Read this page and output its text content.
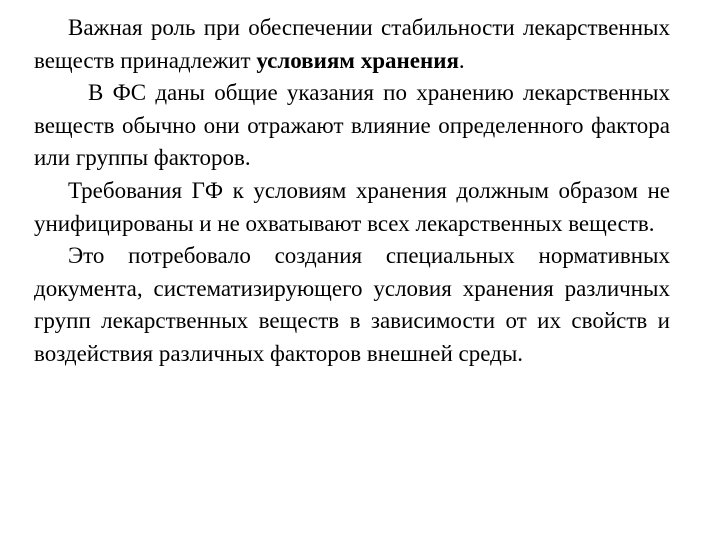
Важная роль при обеспечении стабильности лекарственных веществ принадлежит условиям хранения.

В ФС даны общие указания по хранению лекарственных веществ обычно они отражают влияние определенного фактора или группы факторов.

Требования ГФ к условиям хранения должным образом не унифицированы и не охватывают всех лекарственных веществ.

Это потребовало создания специальных нормативных документа, систематизирующего условия хранения различных групп лекарственных веществ в зависимости от их свойств и воздействия различных факторов внешней среды.
